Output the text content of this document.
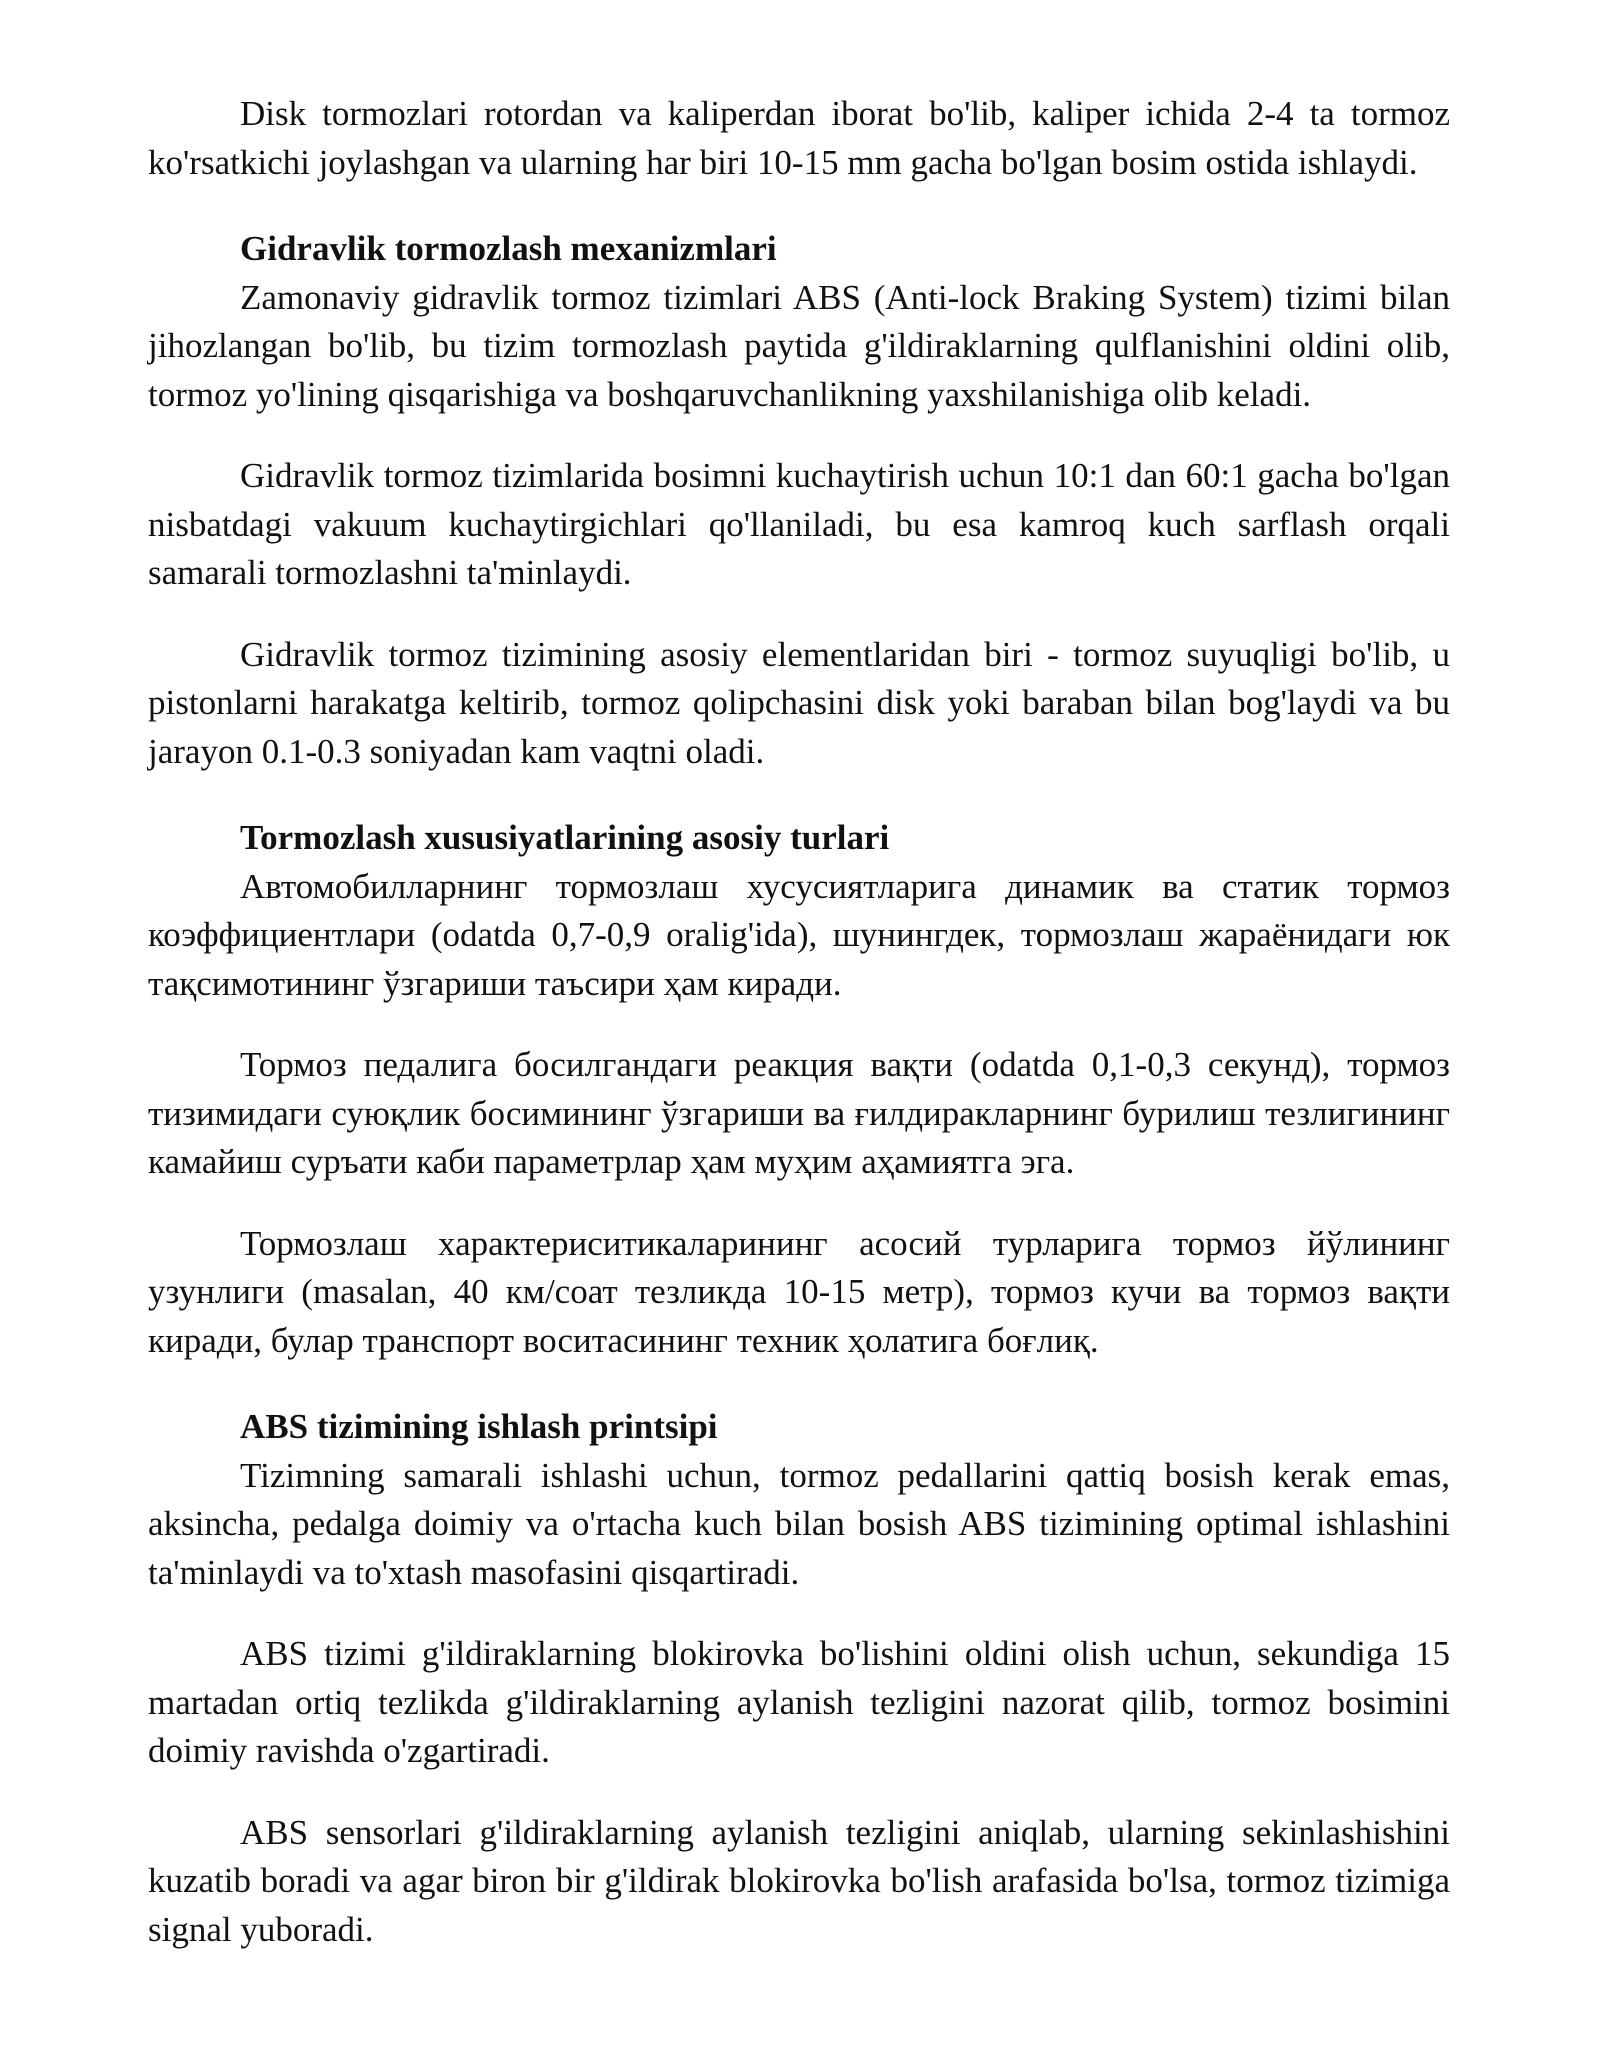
Disk tormozlari rotordan va kaliperdan iborat bo'lib, kaliper ichida 2-4 ta tormoz ko'rsatkichi joylashgan va ularning har biri 10-15 mm gacha bo'lgan bosim ostida ishlaydi.

Gidravlik tormozlash mexanizmlari

Zamonaviy gidravlik tormoz tizimlari ABS (Anti-lock Braking System) tizimi bilan jihozlangan bo'lib, bu tizim tormozlash paytida g'ildiraklarning qulflanishini oldini olib, tormoz yo'lining qisqarishiga va boshqaruvchanlikning yaxshilanishiga olib keladi.

Gidravlik tormoz tizimlarida bosimni kuchaytirish uchun 10:1 dan 60:1 gacha bo'lgan nisbatdagi vakuum kuchaytirgichlari qo'llaniladi, bu esa kamroq kuch sarflash orqali samarali tormozlashni ta'minlaydi.

Gidravlik tormoz tizimining asosiy elementlaridan biri - tormoz suyuqligi bo'lib, u pistonlarni harakatga keltirib, tormoz qolipchasini disk yoki baraban bilan bog'laydi va bu jarayon 0.1-0.3 soniyadan kam vaqtni oladi.

Tormozlash xususiyatlarining asosiy turlari

Автомобилларнинг тормозлаш хусусиятларига динамик ва статик тормоз коэффициентлари (odatda 0,7-0,9 oralig'ida), шунингдек, тормозлаш жараёнидаги юк тақсимотининг ўзгариши таъсири ҳам киради.

Тормоз педалига босилгандаги реакция вақти (odatda 0,1-0,3 секунд), тормоз тизимидаги суюқлик босимининг ўзгариши ва ғилдиракларнинг бурилиш тезлигининг камайиш суръати каби параметрлар ҳам муҳим аҳамиятга эга.

Тормозлаш характериситикаларининг асосий турларига тормоз йўлининг узунлиги (masalan, 40 км/соат тезликда 10-15 метр), тормоз кучи ва тормоз вақти киради, булар транспорт воситасининг техник ҳолатига боғлиқ.

ABS tizimining ishlash printsipi

Tizimning samarali ishlashi uchun, tormoz pedallarini qattiq bosish kerak emas, aksincha, pedalga doimiy va o'rtacha kuch bilan bosish ABS tizimining optimal ishlashini ta'minlaydi va to'xtash masofasini qisqartiradi.

ABS tizimi g'ildiraklarning blokirovka bo'lishini oldini olish uchun, sekundiga 15 martadan ortiq tezlikda g'ildiraklarning aylanish tezligini nazorat qilib, tormoz bosimini doimiy ravishda o'zgartiradi.

ABS sensorlari g'ildiraklarning aylanish tezligini aniqlab, ularning sekinlashishini kuzatib boradi va agar biron bir g'ildirak blokirovka bo'lish arafasida bo'lsa, tormoz tizimiga signal yuboradi.
